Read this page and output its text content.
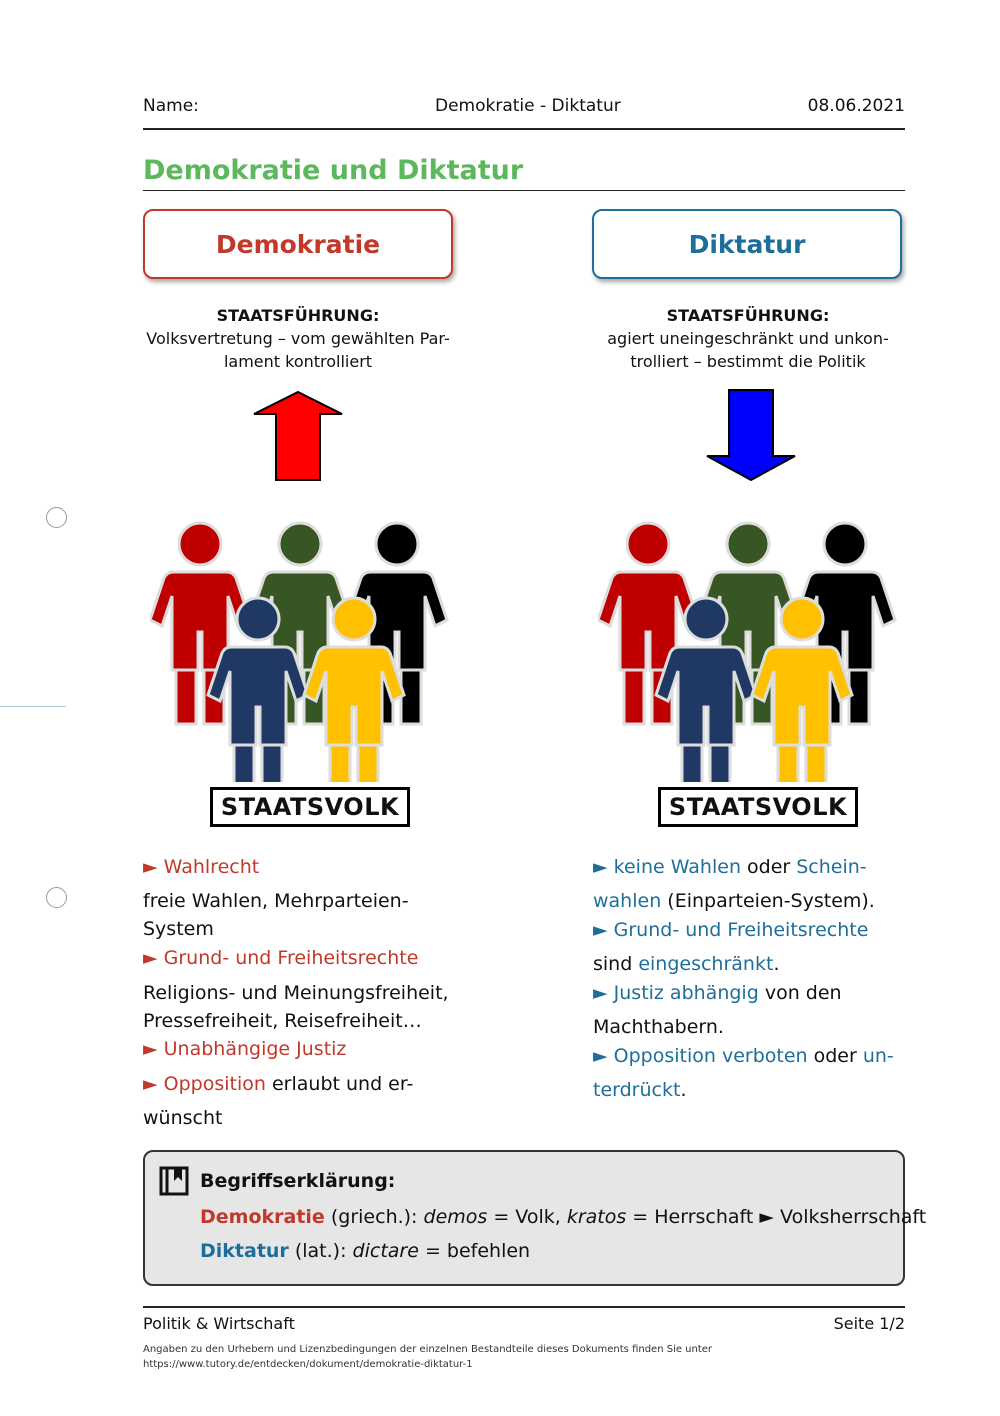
Name:	Demokratie - Diktatur	08.06.2021
Demokratie und Diktatur
Demokratie	Diktatur
STAATSFÜHRUNG:
Volksvertretung – vom gewählten Par-
lament kontrolliert
STAATSFÜHRUNG:
agiert uneingeschränkt und unkon-
trolliert – bestimmt die Politik
STAATSVOLK	STAATSVOLK
► Wahlrecht
freie Wahlen, Mehrparteien-
System
► Grund- und Freiheitsrechte
Religions- und Meinungsfreiheit,
Pressefreiheit, Reisefreiheit…
► Unabhängige Justiz
► Opposition erlaubt und er-
wünscht
► keine Wahlen oder Schein-
wahlen (Einparteien-System).
► Grund- und Freiheitsrechte
sind eingeschränkt.
► Justiz abhängig von den
Machthabern.
► Opposition verboten oder un-
terdrückt.
Begriffserklärung:
Demokratie (griech.): demos = Volk, kratos = Herrschaft ► Volksherrschaft
Diktatur (lat.): dictare = befehlen
Politik & Wirtschaft	Seite 1/2
Angaben zu den Urhebern und Lizenzbedingungen der einzelnen Bestandteile dieses Dokuments finden Sie unter
https://www.tutory.de/entdecken/dokument/demokratie-diktatur-1
